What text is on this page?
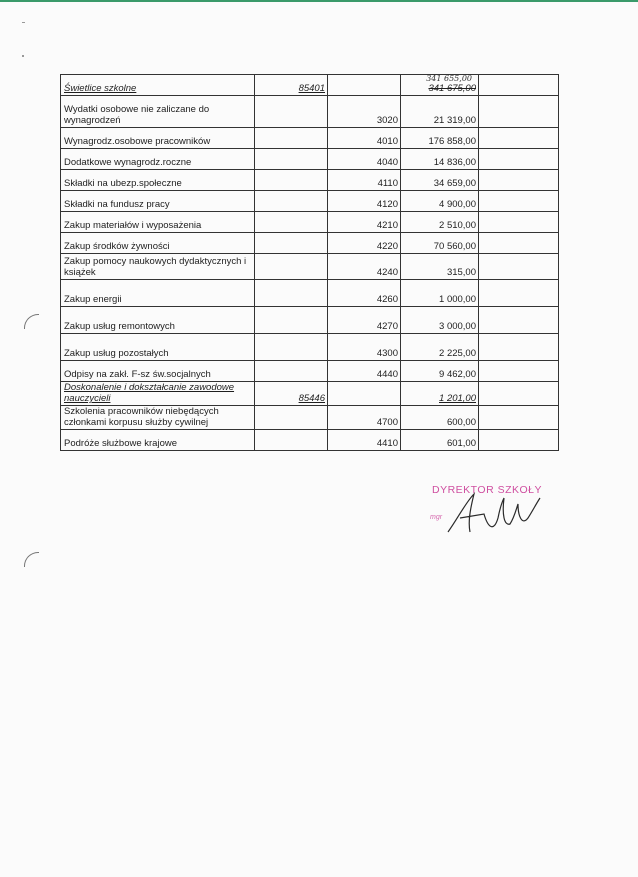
Świetlice szkolne	85401		341 655,00
341 675,00	
Wydatki osobowe nie zaliczane do wynagrodzeń		3020	21 319,00	
Wynagrodz.osobowe pracowników		4010	176 858,00	
Dodatkowe wynagrodz.roczne		4040	14 836,00	
Składki na ubezp.społeczne		4110	34 659,00	
Składki na fundusz pracy		4120	4 900,00	
Zakup materiałów i wyposażenia		4210	2 510,00	
Zakup środków żywności		4220	70 560,00	
Zakup pomocy naukowych dydaktycznych i książek		4240	315,00	
Zakup energii		4260	1 000,00	
Zakup usług remontowych		4270	3 000,00	
Zakup usług pozostałych		4300	2 225,00	
Odpisy na zakł. F-sz św.socjalnych		4440	9 462,00	
Doskonalenie i dokształcanie zawodowe nauczycieli	85446		1 201,00	
Szkolenia pracowników niebędących członkami korpusu służby cywilnej		4700	600,00	
Podróże służbowe krajowe		4410	601,00	
DYREKTOR SZKOŁY
mgr
